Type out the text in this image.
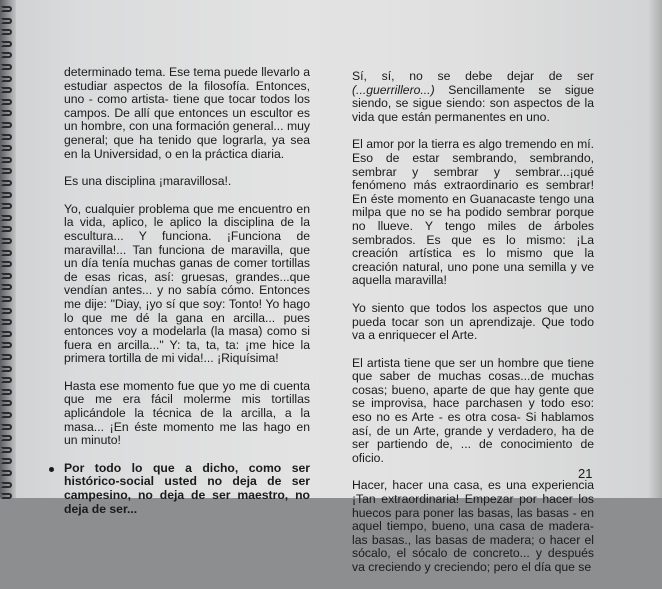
determinado tema. Ese tema puede llevarlo a estudiar aspectos de la filosofía. Entonces, uno - como artista- tiene que tocar todos los campos. De allí que entonces un escultor es un hombre, con una formación general... muy general; que ha tenido que lograrla, ya sea en la Universidad, o en la práctica diaria.

Es una disciplina ¡maravillosa!.

Yo, cualquier problema que me encuentro en la vida, aplico, le aplico la disciplina de la escultura... Y funciona. ¡Funciona de maravilla!... Tan funciona de maravilla, que un día tenía muchas ganas de comer tortillas de esas ricas, así: gruesas, grandes...que vendían antes... y no sabía cómo. Entonces me dije: "Diay, ¡yo sí que soy: Tonto! Yo hago lo que me dé la gana en arcilla... pues entonces voy a modelarla (la masa) como si fuera en arcilla..." Y: ta, ta, ta: ¡me hice la primera tortilla de mi vida!... ¡Riquísima!

Hasta ese momento fue que yo me di cuenta que me era fácil molerme mis tortillas aplicándole la técnica de la arcilla, a la masa... ¡En éste momento me las hago en un minuto!

Por todo lo que a dicho, como ser histórico-social usted no deja de ser campesino, no deja de ser maestro, no deja de ser...

Sí, sí, no se debe dejar de ser (...guerrillero...) Sencillamente se sigue siendo, se sigue siendo: son aspectos de la vida que están permanentes en uno.

El amor por la tierra es algo tremendo en mí. Eso de estar sembrando, sembrando, sembrar y sembrar y sembrar...¡qué fenómeno más extraordinario es sembrar! En éste momento en Guanacaste tengo una milpa que no se ha podido sembrar porque no llueve. Y tengo miles de árboles sembrados. Es que es lo mismo: ¡La creación artística es lo mismo que la creación natural, uno pone una semilla y ve aquella maravilla!

Yo siento que todos los aspectos que uno pueda tocar son un aprendizaje. Que todo va a enriquecer el Arte.

El artista tiene que ser un hombre que tiene que saber de muchas cosas...de muchas cosas; bueno, aparte de que hay gente que se improvisa, hace parchasen y todo eso: eso no es Arte - es otra cosa- Si hablamos así, de un Arte, grande y verdadero, ha de ser partiendo de, ... de conocimiento de oficio.

Hacer, hacer una casa, es una experiencia ¡Tan extraordinaria! Empezar por hacer los huecos para poner las basas, las basas - en aquel tiempo, bueno, una casa de madera- las basas., las basas de madera; o hacer el sócalo, el sócalo de concreto... y después va creciendo y creciendo; pero el día que se

21
